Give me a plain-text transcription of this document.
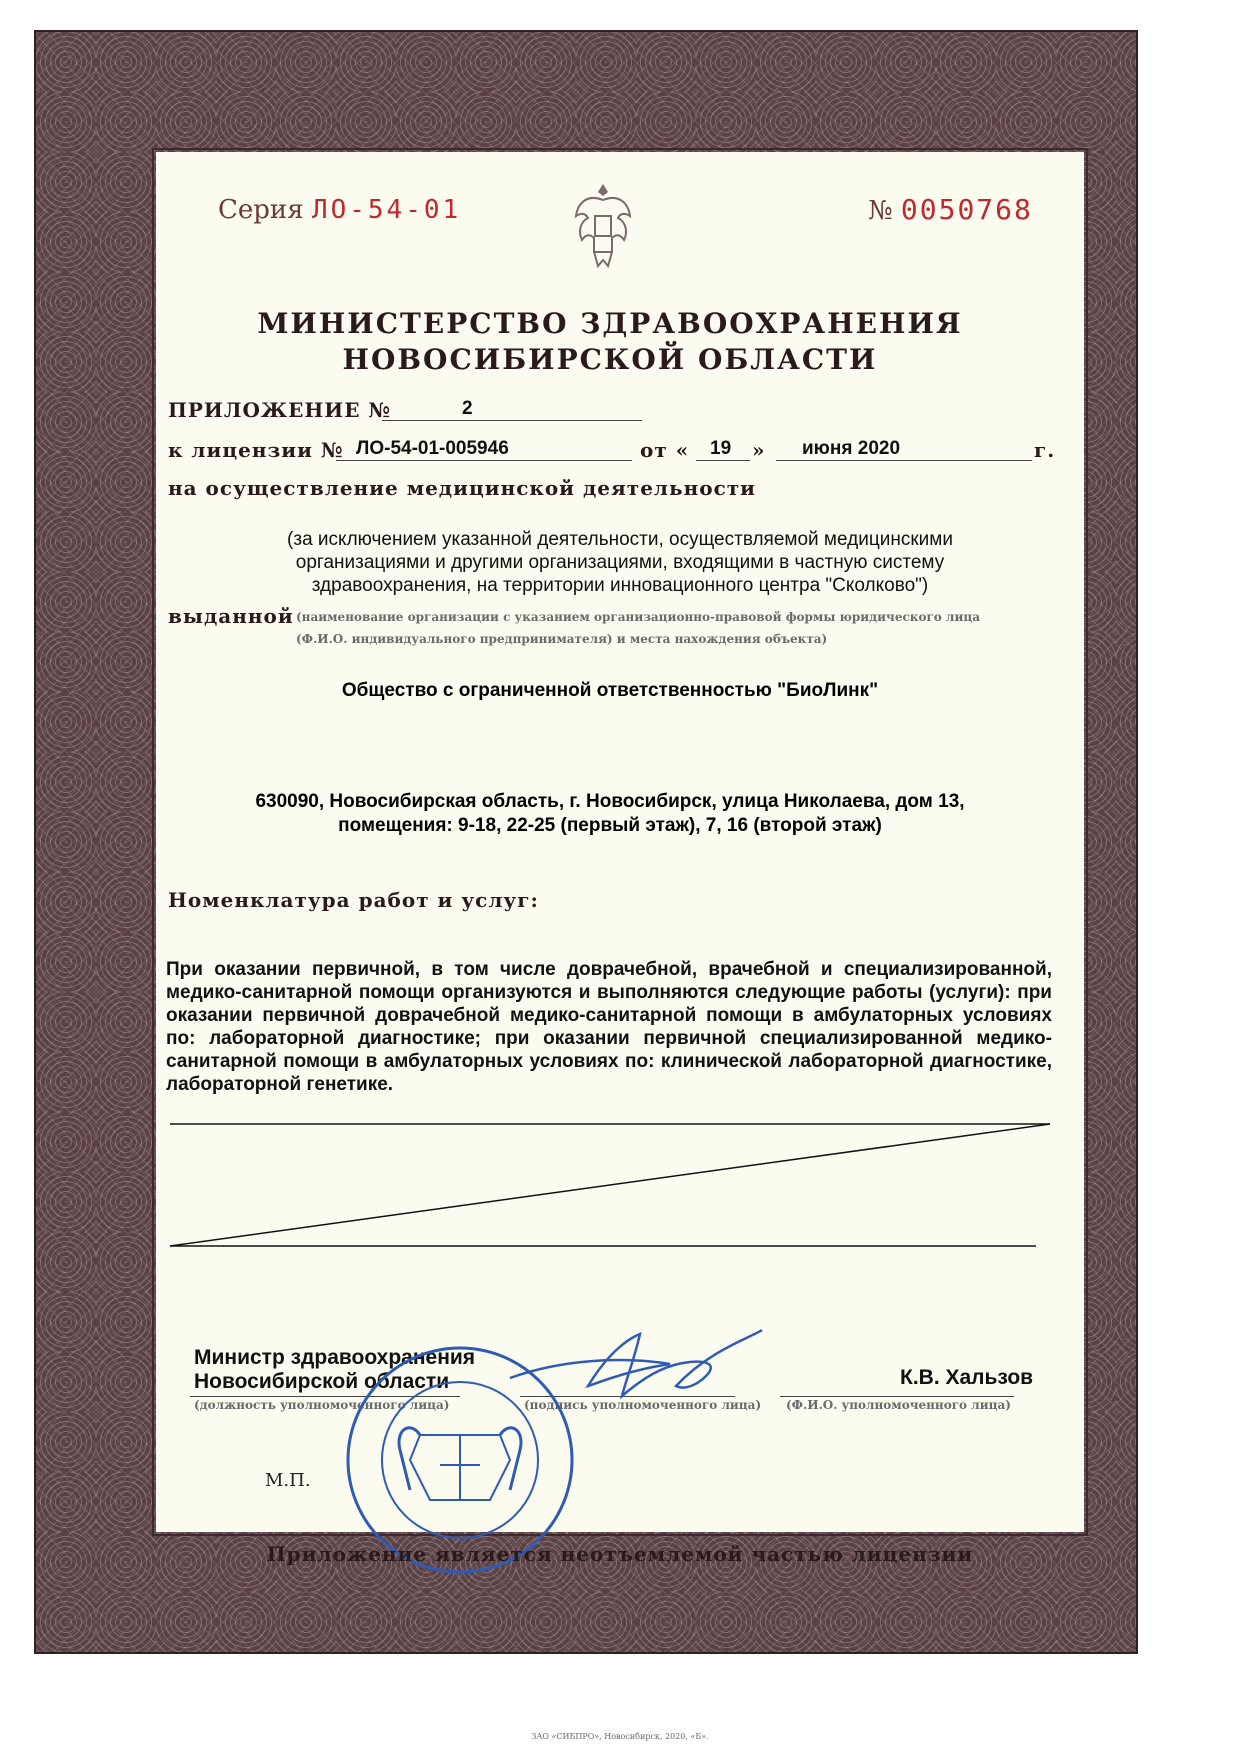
Серия ЛО-54-01	№ 0050768
МИНИСТЕРСТВО ЗДРАВООХРАНЕНИЯ
НОВОСИБИРСКОЙ ОБЛАСТИ
ПРИЛОЖЕНИЕ №	2
к лицензии № ЛО-54-01-005946	от « 19 » июня 2020	г.
на осуществление медицинской деятельности
(за исключением указанной деятельности, осуществляемой медицинскими
организациями и другими организациями, входящими в частную систему
здравоохранения, на территории инновационного центра "Сколково")
выданной (наименование организации с указанием организационно-правовой формы юридического лица
(Ф.И.О. индивидуального предпринимателя) и места нахождения объекта)
Общество с ограниченной ответственностью "БиоЛинк"
630090, Новосибирская область, г. Новосибирск, улица Николаева, дом 13,
помещения: 9-18, 22-25 (первый этаж), 7, 16 (второй этаж)
Номенклатура работ и услуг:
При оказании первичной, в том числе доврачебной, врачебной и специализированной, медико-санитарной помощи организуются и выполняются следующие работы (услуги): при оказании первичной доврачебной медико-санитарной помощи в амбулаторных условиях по: лабораторной диагностике; при оказании первичной специализированной медико-санитарной помощи в амбулаторных условиях по: клинической лабораторной диагностике, лабораторной генетике.
Министр здравоохранения
Новосибирской области
(должность уполномоченного лица)	(подпись уполномоченного лица)
К.В. Хальзов
(Ф.И.О. уполномоченного лица)
М.П.
Приложение является неотъемлемой частью лицензии
ЗАО «СИБПРО», Новосибирск, 2020, «Б».
